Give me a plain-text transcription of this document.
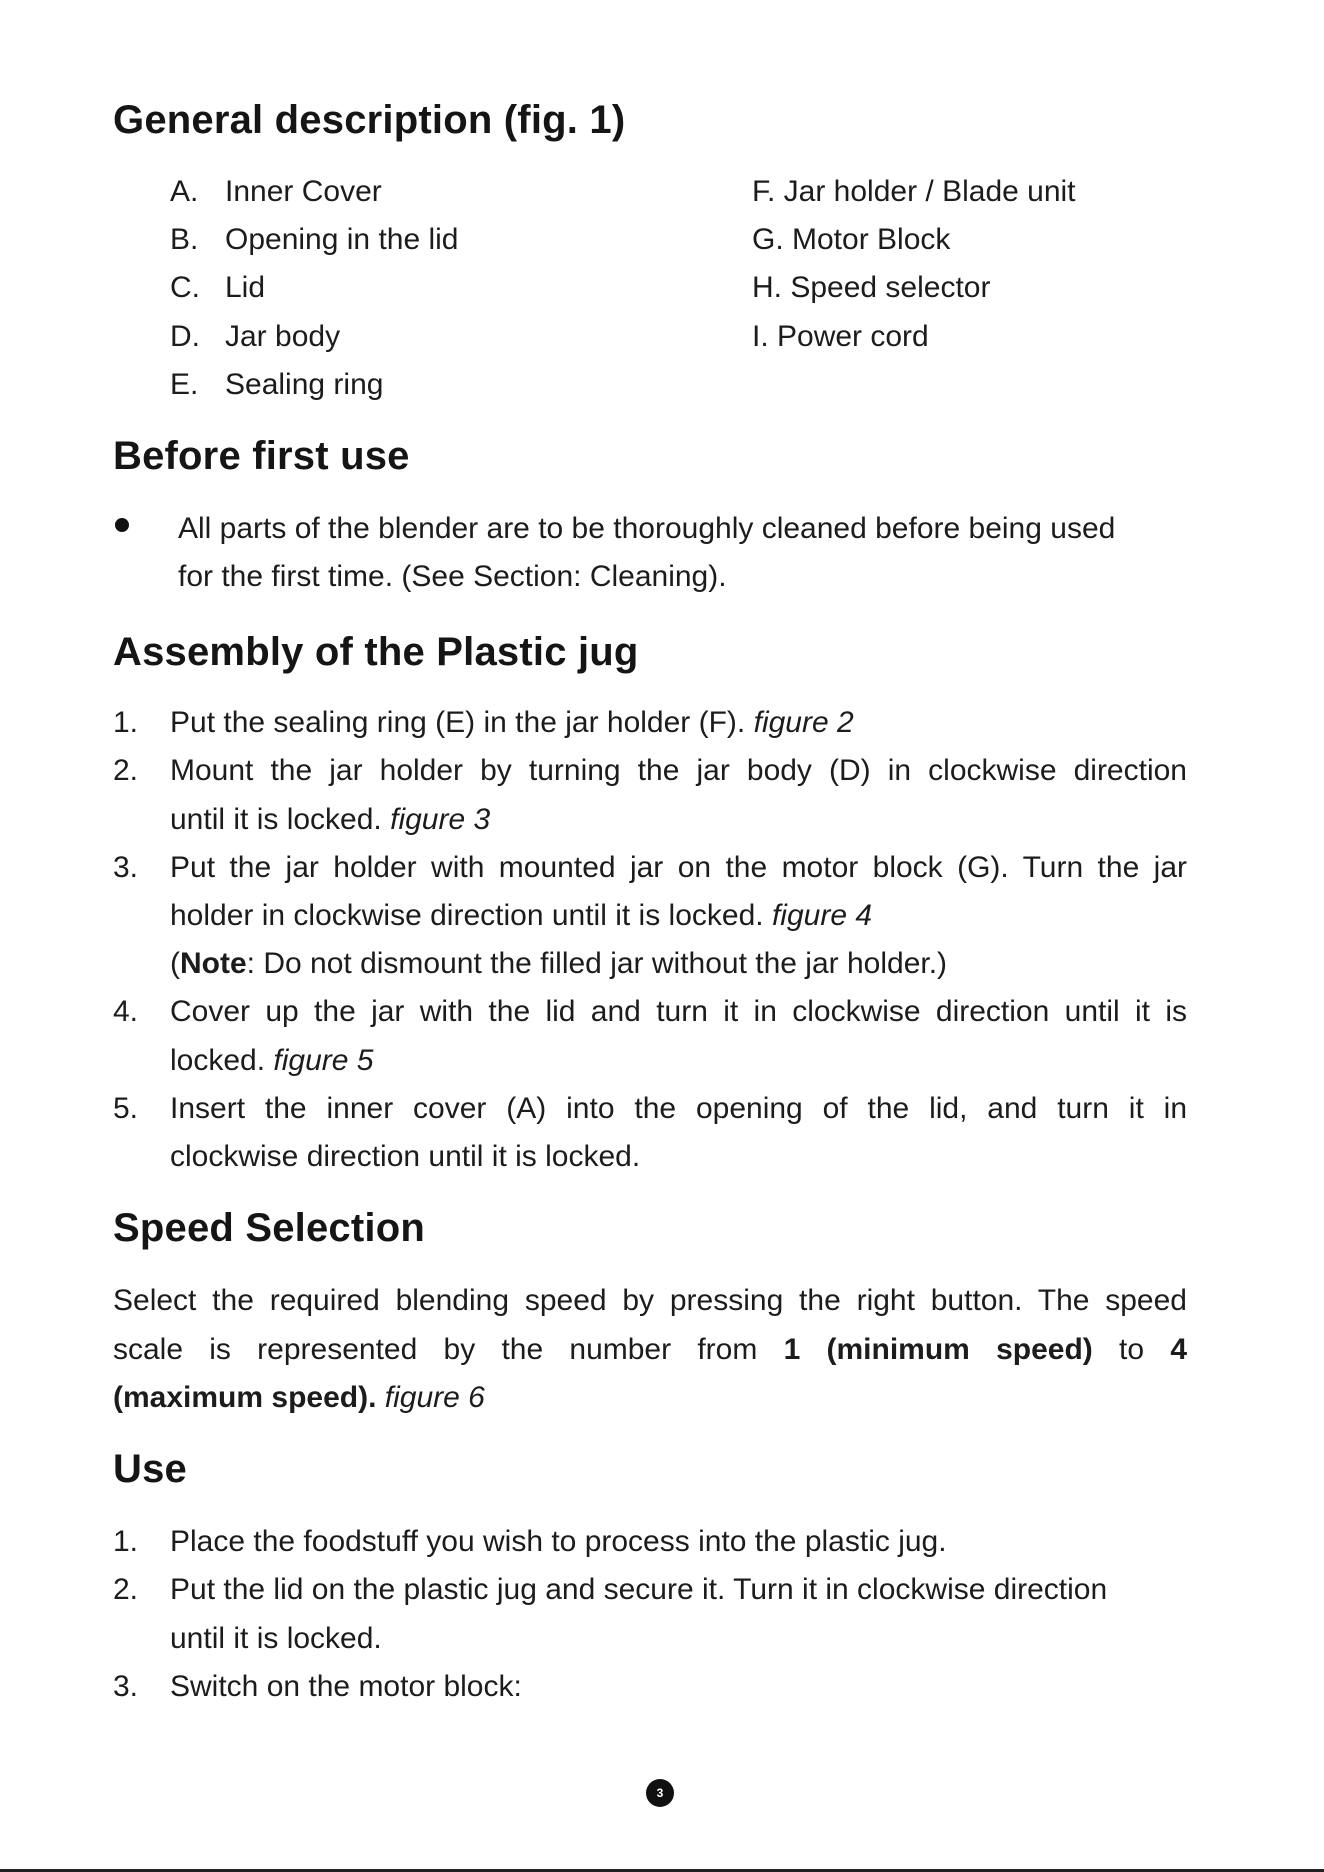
General description (fig. 1)
A. Inner Cover
B. Opening in the lid
C. Lid
D. Jar body
E. Sealing ring
F. Jar holder / Blade unit
G. Motor Block
H. Speed selector
I. Power cord
Before first use
All parts of the blender are to be thoroughly cleaned before being used
for the first time. (See Section: Cleaning).
Assembly of the Plastic jug
1. Put the sealing ring (E) in the jar holder (F). figure 2
2. Mount the jar holder by turning the jar body (D) in clockwise direction
until it is locked. figure 3
3. Put the jar holder with mounted jar on the motor block (G). Turn the jar
holder in clockwise direction until it is locked. figure 4
(Note: Do not dismount the filled jar without the jar holder.)
4. Cover up the jar with the lid and turn it in clockwise direction until it is
locked. figure 5
5. Insert the inner cover (A) into the opening of the lid, and turn it in
clockwise direction until it is locked.
Speed Selection
Select the required blending speed by pressing the right button. The speed
scale is represented by the number from 1 (minimum speed) to 4
(maximum speed). figure 6
Use
1. Place the foodstuff you wish to process into the plastic jug.
2. Put the lid on the plastic jug and secure it. Turn it in clockwise direction
until it is locked.
3. Switch on the motor block:
3
